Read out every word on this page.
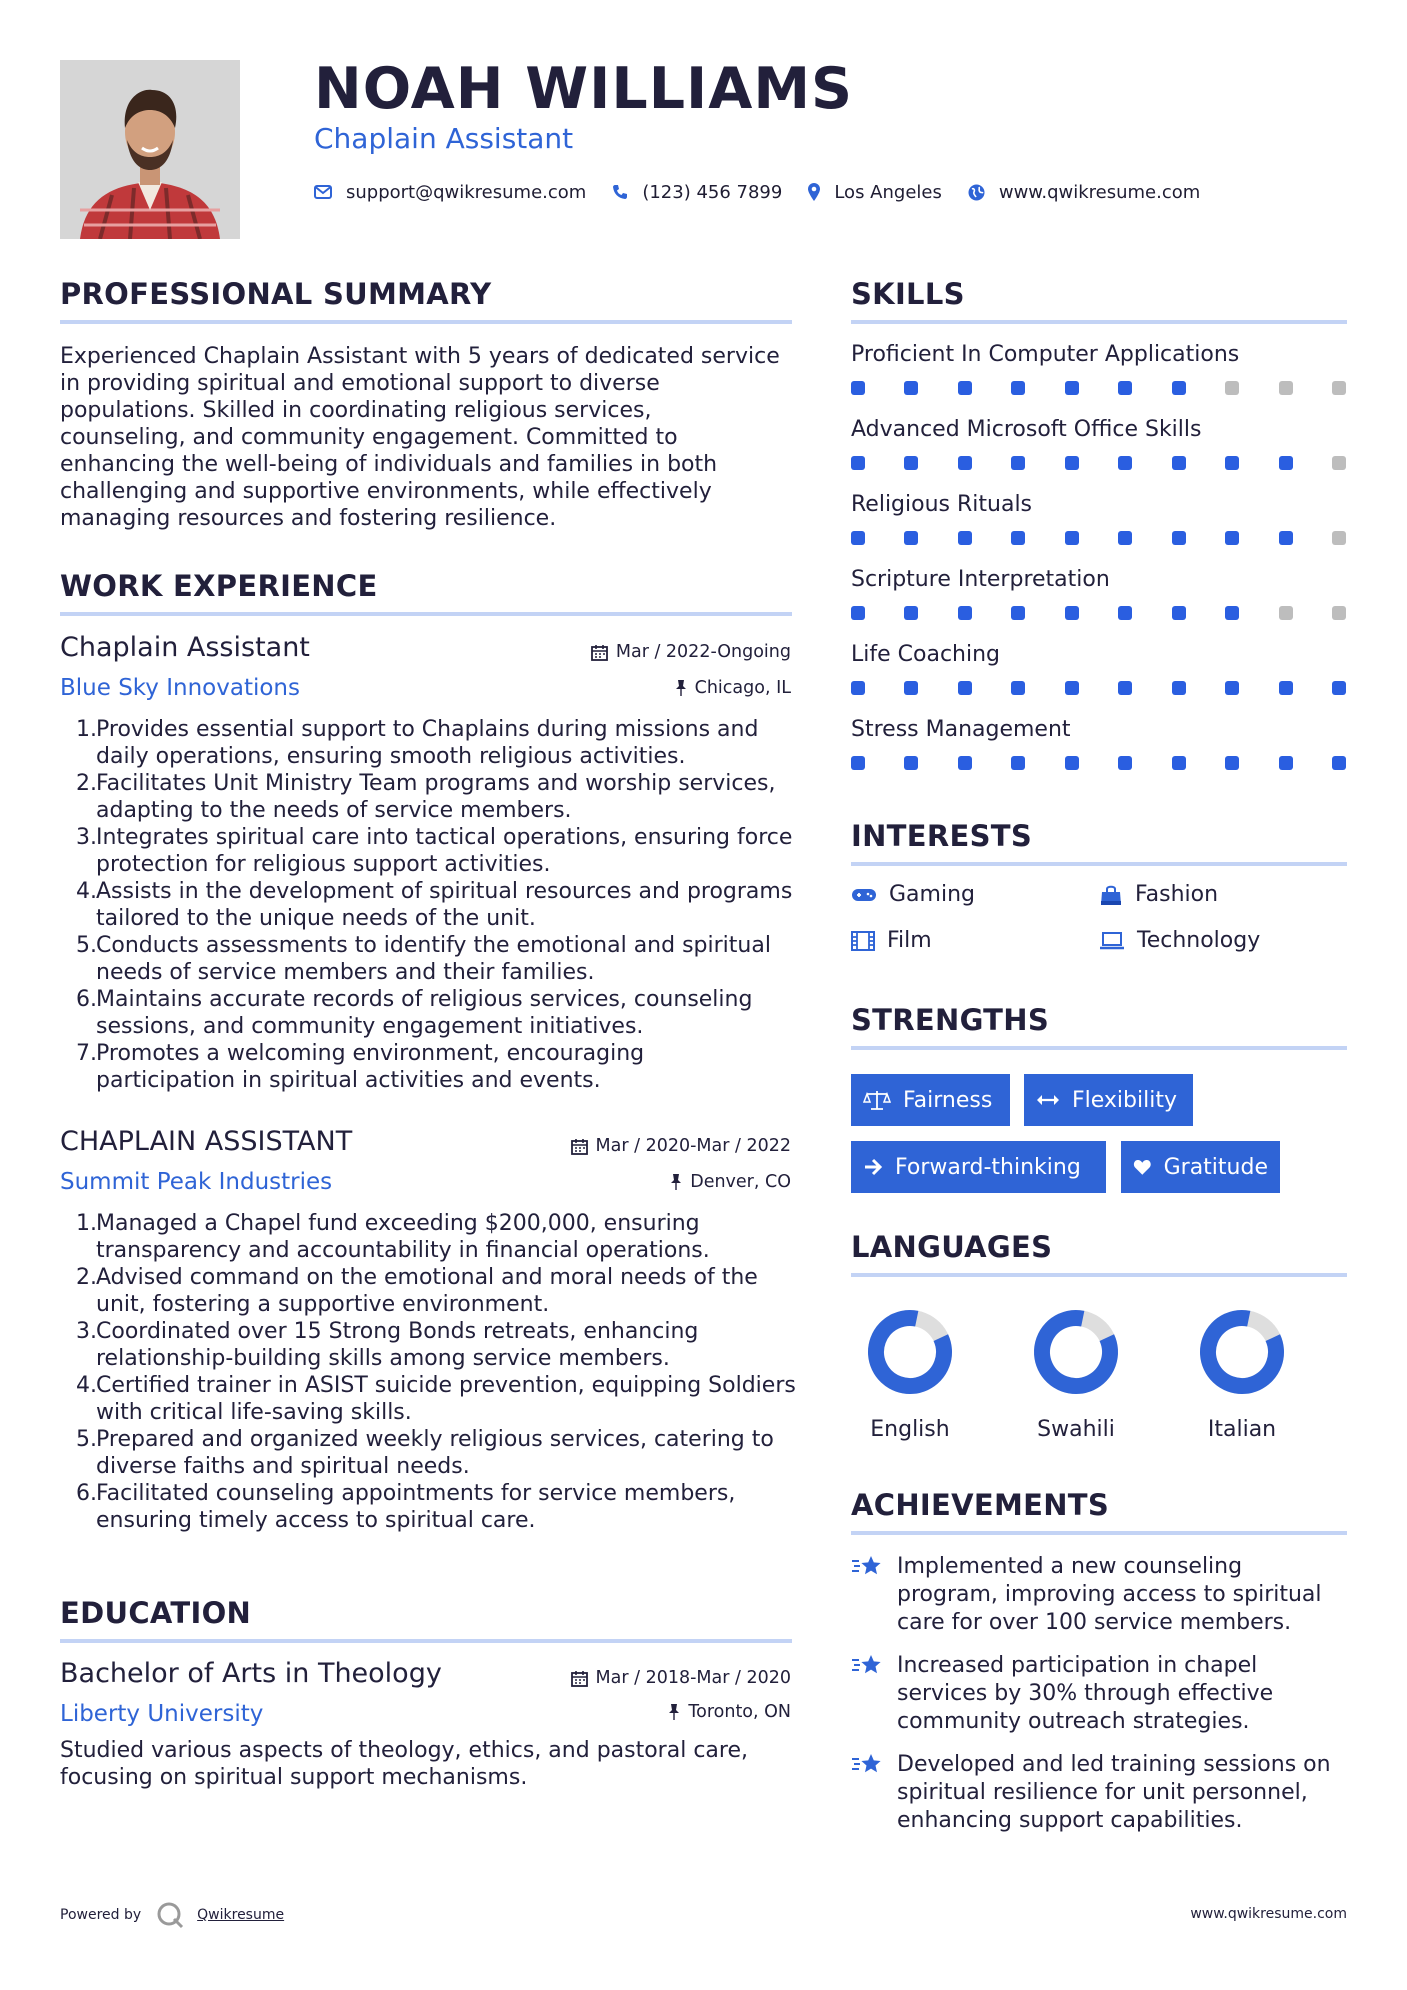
NOAH WILLIAMS
Chaplain Assistant
support@qwikresume.com	(123) 456 7899	Los Angeles	www.qwikresume.com
PROFESSIONAL SUMMARY
Experienced Chaplain Assistant with 5 years of dedicated service
in providing spiritual and emotional support to diverse
populations. Skilled in coordinating religious services,
counseling, and community engagement. Committed to
enhancing the well-being of individuals and families in both
challenging and supportive environments, while effectively
managing resources and fostering resilience.
WORK EXPERIENCE
Chaplain Assistant	Mar / 2022-Ongoing
Blue Sky Innovations	Chicago, IL
Provides essential support to Chaplains during missions and
daily operations, ensuring smooth religious activities.
Facilitates Unit Ministry Team programs and worship services,
adapting to the needs of service members.
Integrates spiritual care into tactical operations, ensuring force
protection for religious support activities.
Assists in the development of spiritual resources and programs
tailored to the unique needs of the unit.
Conducts assessments to identify the emotional and spiritual
needs of service members and their families.
Maintains accurate records of religious services, counseling
sessions, and community engagement initiatives.
Promotes a welcoming environment, encouraging
participation in spiritual activities and events.
CHAPLAIN ASSISTANT	Mar / 2020-Mar / 2022
Summit Peak Industries	Denver, CO
Managed a Chapel fund exceeding $200,000, ensuring
transparency and accountability in financial operations.
Advised command on the emotional and moral needs of the
unit, fostering a supportive environment.
Coordinated over 15 Strong Bonds retreats, enhancing
relationship-building skills among service members.
Certified trainer in ASIST suicide prevention, equipping Soldiers
with critical life-saving skills.
Prepared and organized weekly religious services, catering to
diverse faiths and spiritual needs.
Facilitated counseling appointments for service members,
ensuring timely access to spiritual care.
EDUCATION
Bachelor of Arts in Theology	Mar / 2018-Mar / 2020
Liberty University	Toronto, ON
Studied various aspects of theology, ethics, and pastoral care,
focusing on spiritual support mechanisms.
SKILLS
Proficient In Computer Applications
Advanced Microsoft Office Skills
Religious Rituals
Scripture Interpretation
Life Coaching
Stress Management
INTERESTS
Gaming	Fashion
Film	Technology
STRENGTHS
Fairness	Flexibility
Forward-thinking	Gratitude
LANGUAGES
English	Swahili	Italian
ACHIEVEMENTS
Implemented a new counseling
program, improving access to spiritual
care for over 100 service members.
Increased participation in chapel
services by 30% through effective
community outreach strategies.
Developed and led training sessions on
spiritual resilience for unit personnel,
enhancing support capabilities.
Powered by	Qwikresume	www.qwikresume.com
